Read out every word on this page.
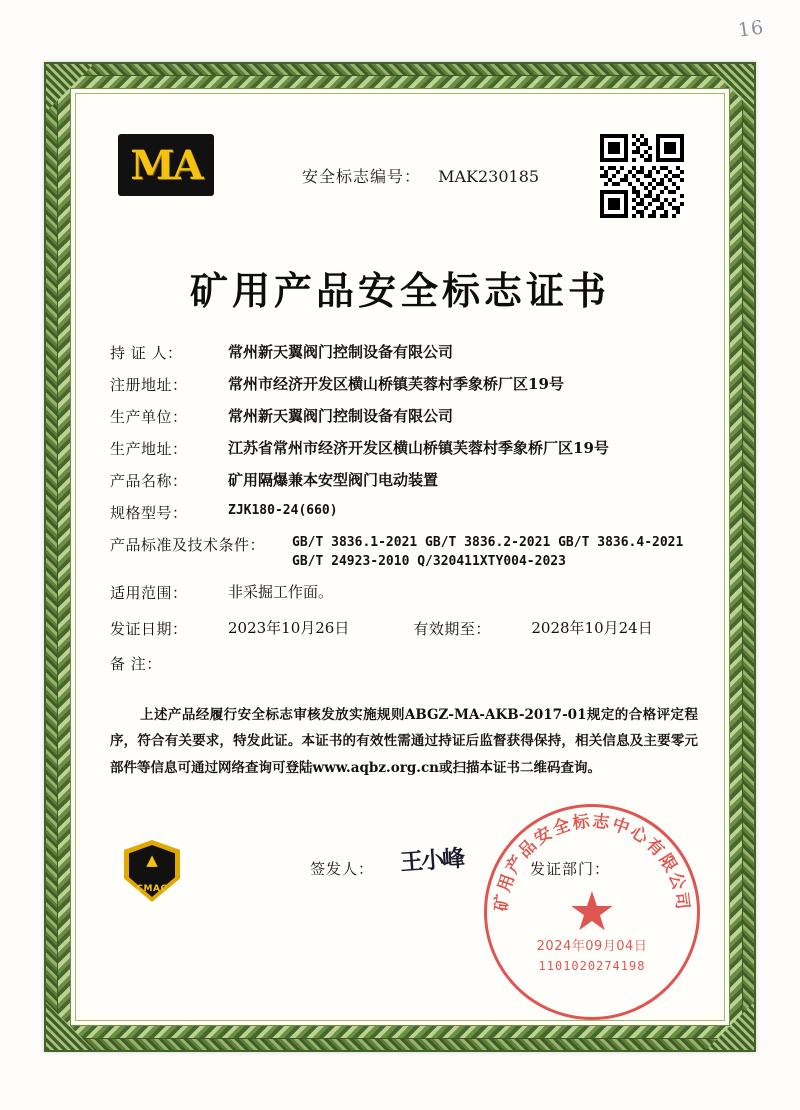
16
MA	安全标志编号： MAK230185
矿用产品安全标志证书
持 证 人：	常州新天翼阀门控制设备有限公司
注册地址：	常州市经济开发区横山桥镇芙蓉村季象桥厂区19号
生产单位：	常州新天翼阀门控制设备有限公司
生产地址：	江苏省常州市经济开发区横山桥镇芙蓉村季象桥厂区19号
产品名称：	矿用隔爆兼本安型阀门电动装置
规格型号：	ZJK180-24(660)
产品标准及技术条件：	GB/T 3836.1-2021 GB/T 3836.2-2021 GB/T 3836.4-2021 GB/T 24923-2010 Q/320411XTY004-2023
适用范围：	非采掘工作面。
发证日期：	2023年10月26日	有效期至：	2028年10月24日
备 注：
上述产品经履行安全标志审核发放实施规则ABGZ-MA-AKB-2017-01规定的合格评定程序，符合有关要求，特发此证。本证书的有效性需通过持证后监督获得保持，相关信息及主要零元部件等信息可通过网络查询可登陆www.aqbz.org.cn或扫描本证书二维码查询。
▲
CMAC
签发人： 王小峰	发证部门：
矿用产品安全标志中心有限公司
★
2024年09月04日
1101020274198
